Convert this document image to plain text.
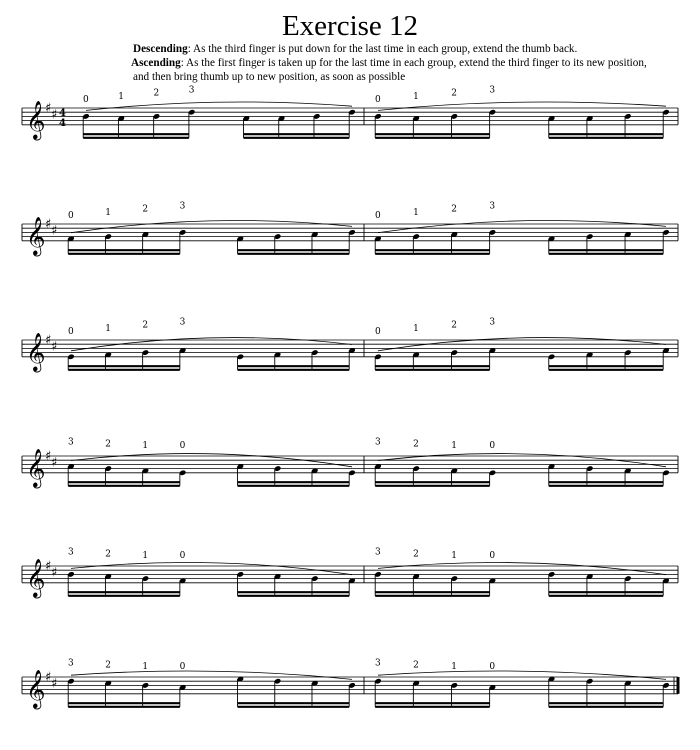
Exercise 12
Descending: As the third finger is put down for the last time in each group, extend the thumb back.
Ascending: As the first finger is taken up for the last time in each group, extend the third finger to its new position,
and then bring thumb up to new position, as soon as possible
𝄞 ♯ ♯ 4
4
0	1	2	3
0	1	2	3
𝄞 ♯ ♯
0	1	2	3
0	1	2	3
𝄞 ♯ ♯
0	1	2	3
0	1	2	3
𝄞 ♯ ♯
3	2	1	0	3	2	1	0
𝄞 ♯ ♯
3	2	1	0	3	2	1	0
𝄞 ♯ ♯
3	2	1	0	3	2	1	0
